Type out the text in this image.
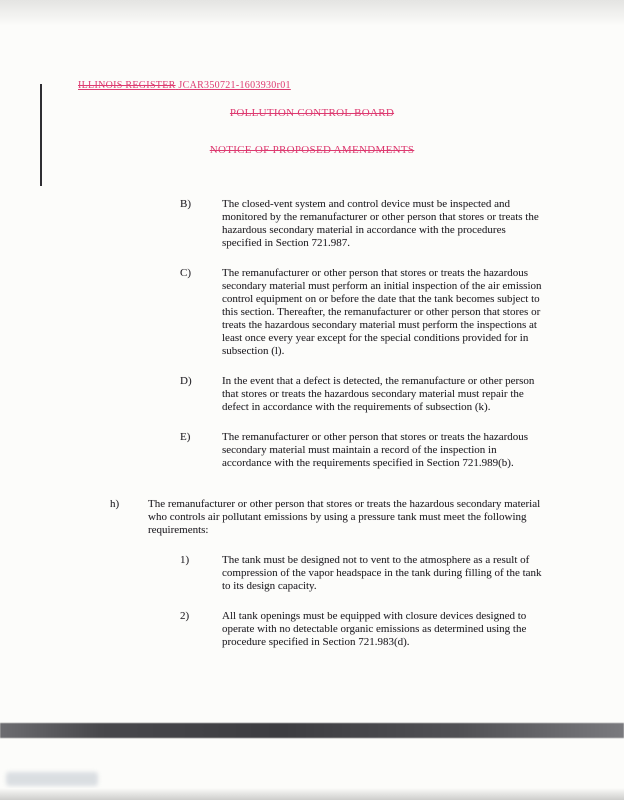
ILLINOIS REGISTER JCAR350721-1603930r01
POLLUTION CONTROL BOARD
NOTICE OF PROPOSED AMENDMENTS
B)	The closed-vent system and control device must be inspected and monitored by the remanufacturer or other person that stores or treats the hazardous secondary material in accordance with the procedures specified in Section 721.987.
C)	The remanufacturer or other person that stores or treats the hazardous secondary material must perform an initial inspection of the air emission control equipment on or before the date that the tank becomes subject to this section. Thereafter, the remanufacturer or other person that stores or treats the hazardous secondary material must perform the inspections at least once every year except for the special conditions provided for in subsection (l).
D)	In the event that a defect is detected, the remanufacture or other person that stores or treats the hazardous secondary material must repair the defect in accordance with the requirements of subsection (k).
E)	The remanufacturer or other person that stores or treats the hazardous secondary material must maintain a record of the inspection in accordance with the requirements specified in Section 721.989(b).
h)	The remanufacturer or other person that stores or treats the hazardous secondary material who controls air pollutant emissions by using a pressure tank must meet the following requirements:
1)	The tank must be designed not to vent to the atmosphere as a result of compression of the vapor headspace in the tank during filling of the tank to its design capacity.
2)	All tank openings must be equipped with closure devices designed to operate with no detectable organic emissions as determined using the procedure specified in Section 721.983(d).
